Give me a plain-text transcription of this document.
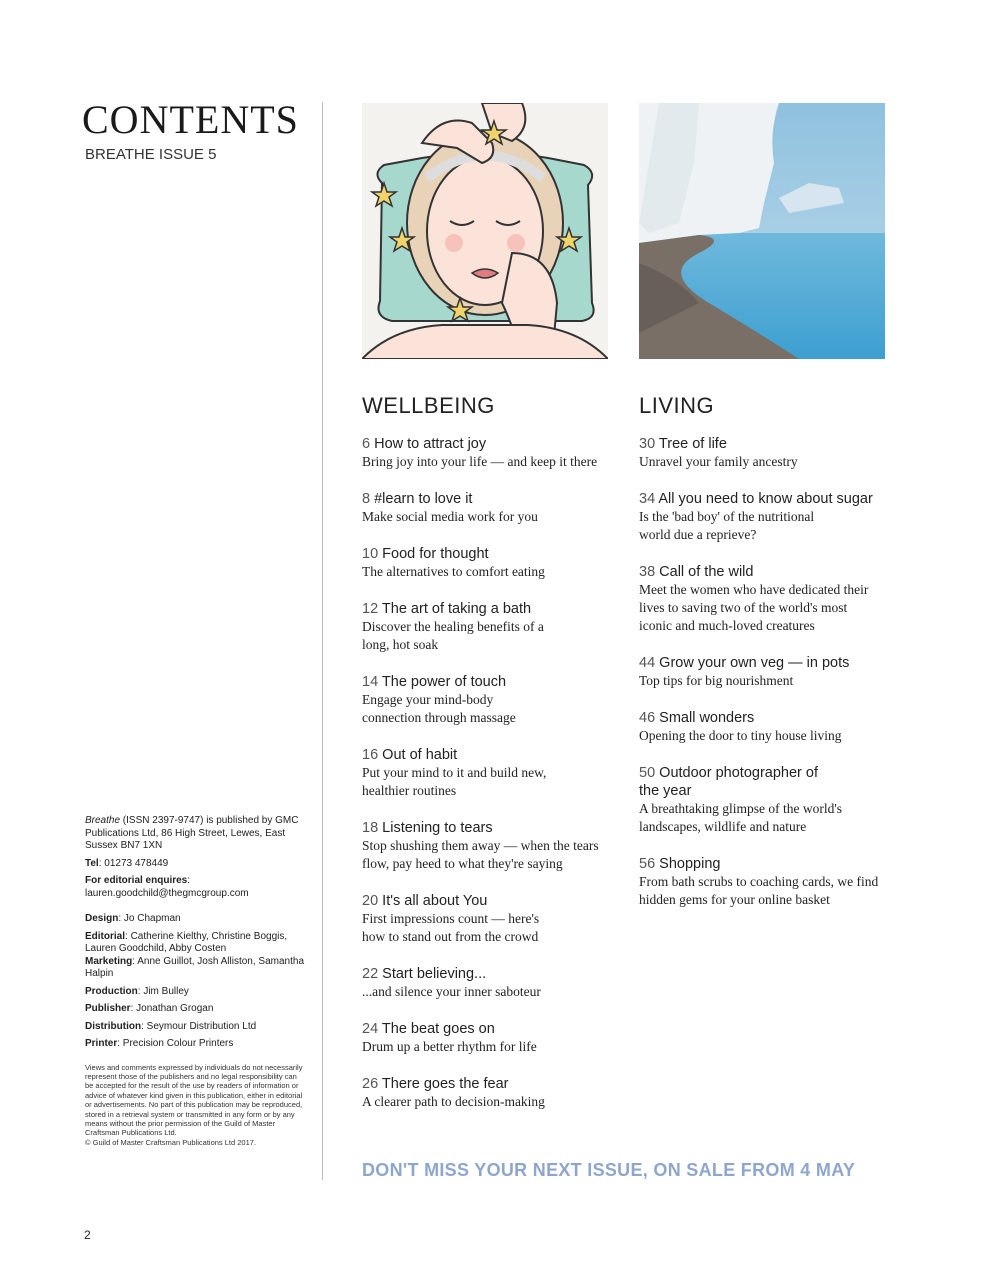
CONTENTS
BREATHE ISSUE 5
WELLBEING
6 How to attract joy
Bring joy into your life — and keep it there
8 #learn to love it
Make social media work for you
10 Food for thought
The alternatives to comfort eating
12 The art of taking a bath
Discover the healing benefits of a long, hot soak
14 The power of touch
Engage your mind-body connection through massage
16 Out of habit
Put your mind to it and build new, healthier routines
18 Listening to tears
Stop shushing them away — when the tears flow, pay heed to what they're saying
20 It's all about You
First impressions count — here's how to stand out from the crowd
22 Start believing...
...and silence your inner saboteur
24 The beat goes on
Drum up a better rhythm for life
26 There goes the fear
A clearer path to decision-making
LIVING
30 Tree of life
Unravel your family ancestry
34 All you need to know about sugar
Is the 'bad boy' of the nutritional world due a reprieve?
38 Call of the wild
Meet the women who have dedicated their lives to saving two of the world's most iconic and much-loved creatures
44 Grow your own veg — in pots
Top tips for big nourishment
46 Small wonders
Opening the door to tiny house living
50 Outdoor photographer of the year
A breathtaking glimpse of the world's landscapes, wildlife and nature
56 Shopping
From bath scrubs to coaching cards, we find hidden gems for your online basket

Breathe (ISSN 2397-9747) is published by GMC Publications Ltd, 86 High Street, Lewes, East Sussex BN7 1XN

Tel: 01273 478449

For editorial enquires:
lauren.goodchild@thegmcgroup.com

Design: Jo Chapman

Editorial: Catherine Kielthy, Christine Boggis, Lauren Goodchild, Abby Costen

Marketing: Anne Guillot, Josh Alliston, Samantha Halpin

Production: Jim Bulley

Publisher: Jonathan Grogan

Distribution: Seymour Distribution Ltd

Printer: Precision Colour Printers

Views and comments expressed by individuals do not necessarily represent those of the publishers and no legal responsibility can be accepted for the result of the use by readers of information or advice of whatever kind given in this publication, either in editorial or advertisements. No part of this publication may be reproduced, stored in a retrieval system or transmitted in any form or by any means without the prior permission of the Guild of Master Craftsman Publications Ltd.
© Guild of Master Craftsman Publications Ltd 2017.

DON'T MISS YOUR NEXT ISSUE, ON SALE FROM 4 MAY
2
